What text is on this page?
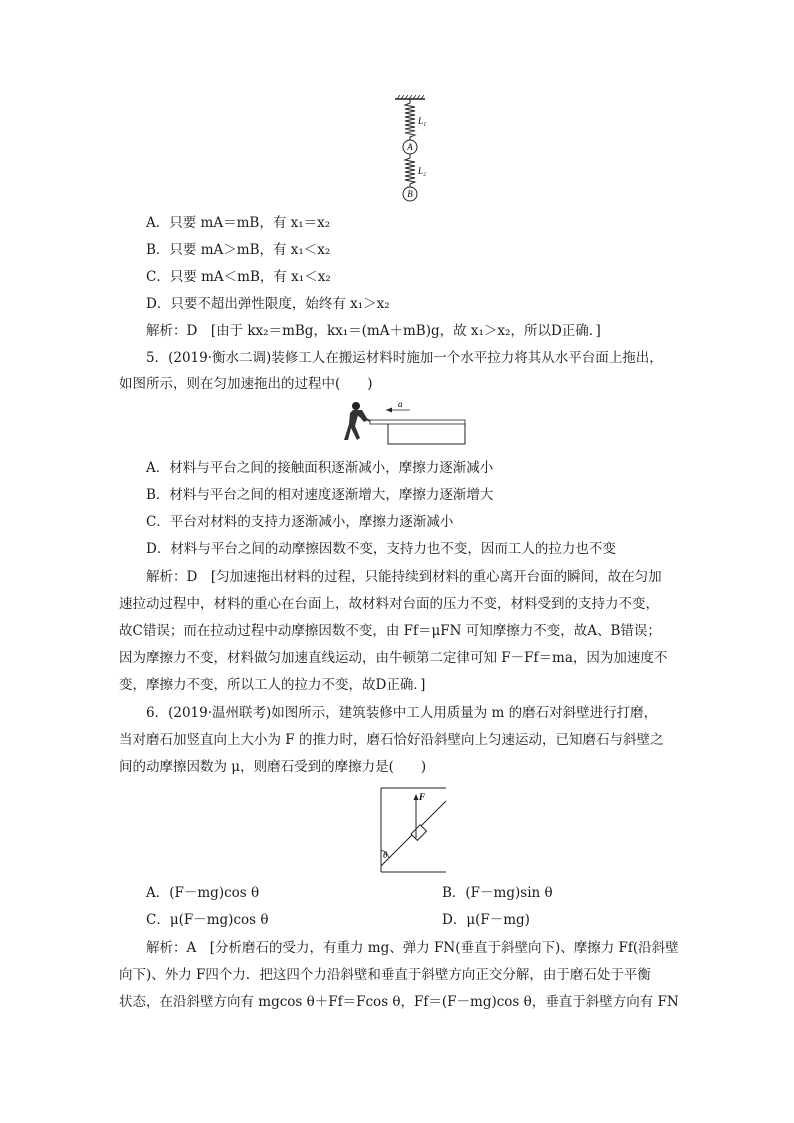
L₁
A
L₂
B
A．只要 mA＝mB，有 x₁＝x₂
B．只要 mA＞mB，有 x₁＜x₂
C．只要 mA＜mB，有 x₁＜x₂
D．只要不超出弹性限度，始终有 x₁＞x₂
解析：D　[由于 kx₂＝mBg，kx₁＝(mA＋mB)g，故 x₁＞x₂，所以D正确．]
5．(2019·衡水二调)装修工人在搬运材料时施加一个水平拉力将其从水平台面上拖出，
如图所示，则在匀加速拖出的过程中(　　)
a
A．材料与平台之间的接触面积逐渐减小，摩擦力逐渐减小
B．材料与平台之间的相对速度逐渐增大，摩擦力逐渐增大
C．平台对材料的支持力逐渐减小，摩擦力逐渐减小
D．材料与平台之间的动摩擦因数不变，支持力也不变，因而工人的拉力也不变
解析：D　[匀加速拖出材料的过程，只能持续到材料的重心离开台面的瞬间，故在匀加
速拉动过程中，材料的重心在台面上，故材料对台面的压力不变，材料受到的支持力不变，
故C错误；而在拉动过程中动摩擦因数不变，由 Ff＝μFN 可知摩擦力不变，故A、B错误；
因为摩擦力不变，材料做匀加速直线运动，由牛顿第二定律可知 F－Ff＝ma，因为加速度不
变，摩擦力不变，所以工人的拉力不变，故D正确．]
6．(2019·温州联考)如图所示，建筑装修中工人用质量为 m 的磨石对斜壁进行打磨，
当对磨石加竖直向上大小为 F 的推力时，磨石恰好沿斜壁向上匀速运动，已知磨石与斜壁之
间的动摩擦因数为 μ，则磨石受到的摩擦力是(　　)
F
θ
A．(F－mg)cos θ	B．(F－mg)sin θ
C．μ(F－mg)cos θ	D．μ(F－mg)
解析：A　[分析磨石的受力，有重力 mg、弹力 FN(垂直于斜壁向下)、摩擦力 Ff(沿斜壁
向下)、外力 F四个力．把这四个力沿斜壁和垂直于斜壁方向正交分解，由于磨石处于平衡
状态，在沿斜壁方向有 mgcos θ＋Ff＝Fcos θ，Ff＝(F－mg)cos θ，垂直于斜壁方向有 FN
